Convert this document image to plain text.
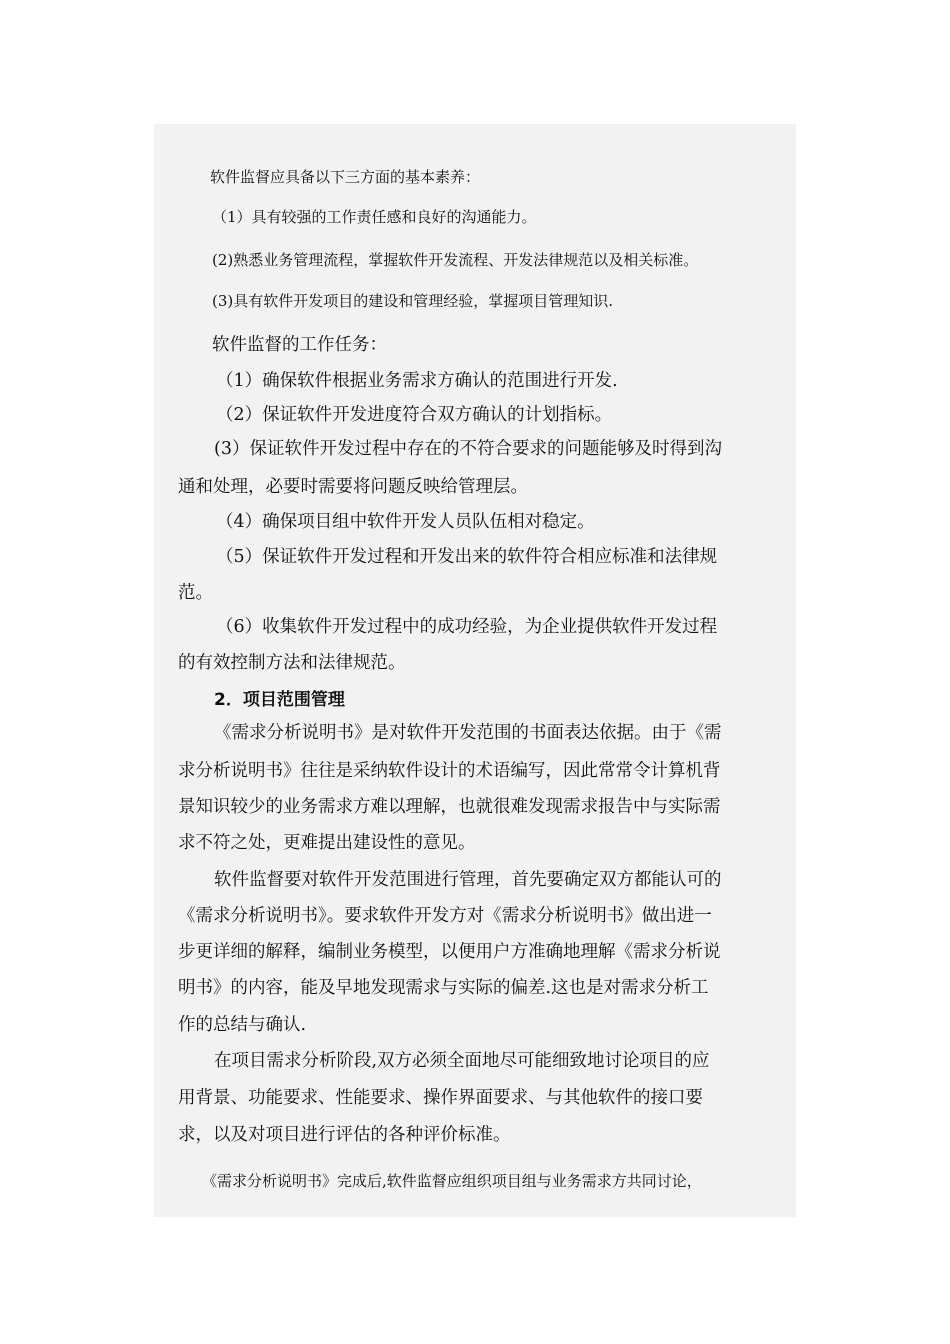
软件监督应具备以下三方面的基本素养：
（1）具有较强的工作责任感和良好的沟通能力。
(2)熟悉业务管理流程，掌握软件开发流程、开发法律规范以及相关标准。
(3)具有软件开发项目的建设和管理经验，掌握项目管理知识.
软件监督的工作任务：
（1）确保软件根据业务需求方确认的范围进行开发.
（2）保证软件开发进度符合双方确认的计划指标。
(3）保证软件开发过程中存在的不符合要求的问题能够及时得到沟
通和处理，必要时需要将问题反映给管理层。
（4）确保项目组中软件开发人员队伍相对稳定。
（5）保证软件开发过程和开发出来的软件符合相应标准和法律规
范。
（6）收集软件开发过程中的成功经验，为企业提供软件开发过程
的有效控制方法和法律规范。
2．项目范围管理
《需求分析说明书》是对软件开发范围的书面表达依据。由于《需
求分析说明书》往往是采纳软件设计的术语编写，因此常常令计算机背
景知识较少的业务需求方难以理解，也就很难发现需求报告中与实际需
求不符之处，更难提出建设性的意见。
软件监督要对软件开发范围进行管理，首先要确定双方都能认可的
《需求分析说明书》。要求软件开发方对《需求分析说明书》做出进一
步更详细的解释，编制业务模型，以便用户方准确地理解《需求分析说
明书》的内容，能及早地发现需求与实际的偏差.这也是对需求分析工
作的总结与确认.
在项目需求分析阶段,双方必须全面地尽可能细致地讨论项目的应
用背景、功能要求、性能要求、操作界面要求、与其他软件的接口要
求，以及对项目进行评估的各种评价标准。
《需求分析说明书》完成后,软件监督应组织项目组与业务需求方共同讨论，
